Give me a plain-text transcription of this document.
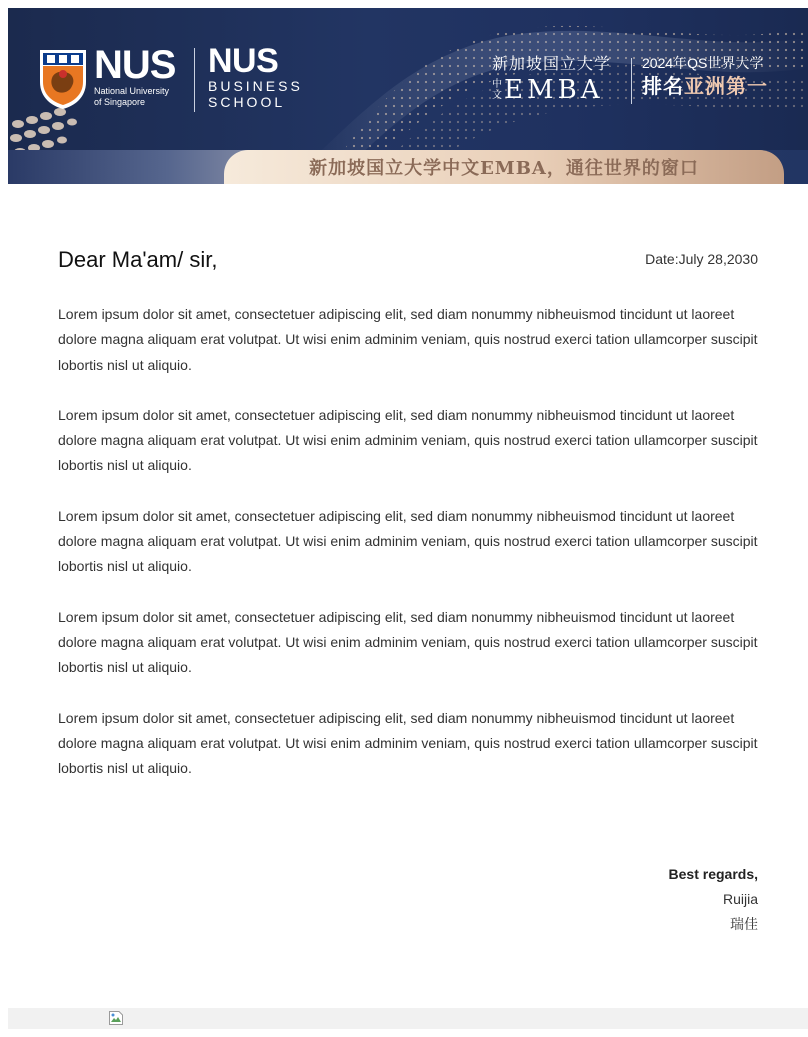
NUS
National University
of Singapore
NUS
BUSINESS
SCHOOL
新加坡国立大学
中文 EMBA
2024年QS世界大学
排名亚洲第一
新加坡国立大学中文EMBA，通往世界的窗口
Dear Ma'am/ sir,	Date:July 28,2030

Lorem ipsum dolor sit amet, consectetuer adipiscing elit, sed diam nonummy nibheuismod tincidunt ut laoreet dolore magna aliquam erat volutpat. Ut wisi enim adminim veniam, quis nostrud exerci tation ullamcorper suscipit lobortis nisl ut aliquio.

Lorem ipsum dolor sit amet, consectetuer adipiscing elit, sed diam nonummy nibheuismod tincidunt ut laoreet dolore magna aliquam erat volutpat. Ut wisi enim adminim veniam, quis nostrud exerci tation ullamcorper suscipit lobortis nisl ut aliquio.

Lorem ipsum dolor sit amet, consectetuer adipiscing elit, sed diam nonummy nibheuismod tincidunt ut laoreet dolore magna aliquam erat volutpat. Ut wisi enim adminim veniam, quis nostrud exerci tation ullamcorper suscipit lobortis nisl ut aliquio.

Lorem ipsum dolor sit amet, consectetuer adipiscing elit, sed diam nonummy nibheuismod tincidunt ut laoreet dolore magna aliquam erat volutpat. Ut wisi enim adminim veniam, quis nostrud exerci tation ullamcorper suscipit lobortis nisl ut aliquio.

Lorem ipsum dolor sit amet, consectetuer adipiscing elit, sed diam nonummy nibheuismod tincidunt ut laoreet dolore magna aliquam erat volutpat. Ut wisi enim adminim veniam, quis nostrud exerci tation ullamcorper suscipit lobortis nisl ut aliquio.

Best regards,
Ruijia
瑞佳
